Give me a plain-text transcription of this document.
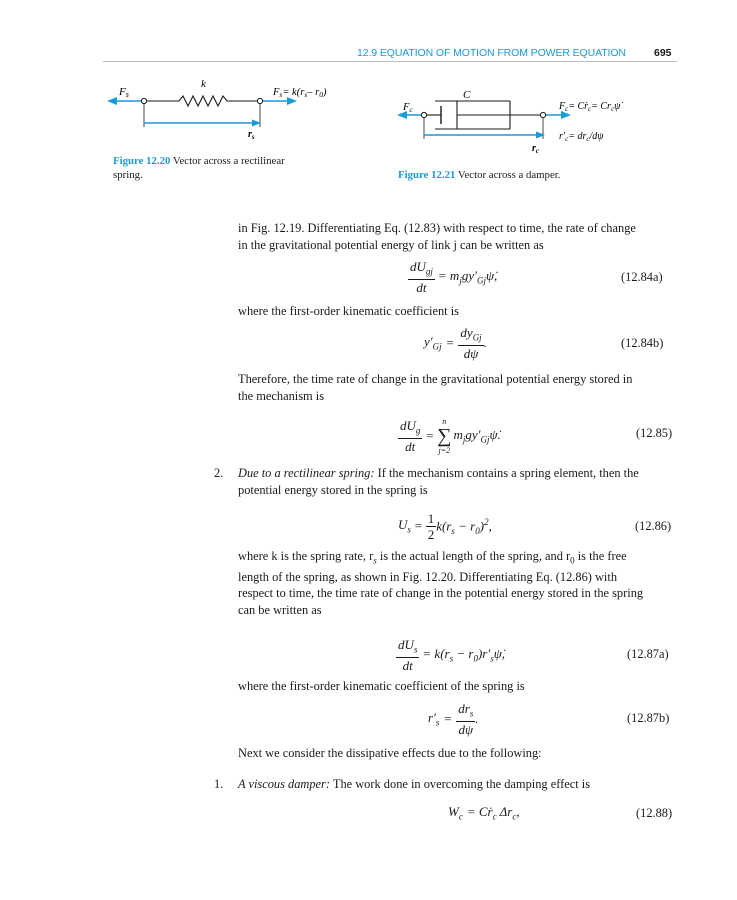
12.9 EQUATION OF MOTION FROM POWER EQUATION	695
Fs
k
Fs= k(rs– r0)
$r_s$
Figure 12.20 Vector across a rectilinear
spring.
C
Fc	$F_c=$ Cṙ$_c$= $Cr_c\psi̇$
$r'_c= dr_c/d\psi$
$r_c$
Figure 12.21 Vector across a damper.
in Fig. 12.19. Differentiating Eq. (12.83) with respect to time, the rate of change
in the gravitational potential energy of link j can be written as
$\frac{dU_{gj}}{dt}$ = $m_jgy'_{Gj}\psi̇$,	(12.84a)
where the first-order kinematic coefficient is
$y'_{Gj} = \frac{dy_{Gj}}{d\psi}$ .	(12.84b)
Therefore, the time rate of change in the gravitational potential energy stored in
the mechanism is
$\frac{dU_g}{dt}$ =
n
∑
j=2
$m_jgy'_{Gj}\psi̇$.	(12.85)
2. Due to a rectilinear spring: If the mechanism contains a spring element, then the
potential energy stored in the spring is
$U_s = \frac{1}{2} k(r_s - r_0)^2$,	(12.86)
where k is the spring rate, $r_s$ is the actual length of the spring, and $r_0$ is the free
length of the spring, as shown in Fig. 12.20. Differentiating Eq. (12.86) with
respect to time, the time rate of change in the potential energy stored in the spring
can be written as
$\frac{dU_s}{dt} = k(r_s$ − $r_0)r'_s\psi̇$,	(12.87a)
where the first-order kinematic coefficient of the spring is
$r'_s = \frac{dr_s}{d\psi}$ .	(12.87b)
Next we consider the dissipative effects due to the following:
1. A viscous damper: The work done in overcoming the damping effect is
$W_c$ = Cṙ$_c$ $\Delta r_c$,	(12.88)
